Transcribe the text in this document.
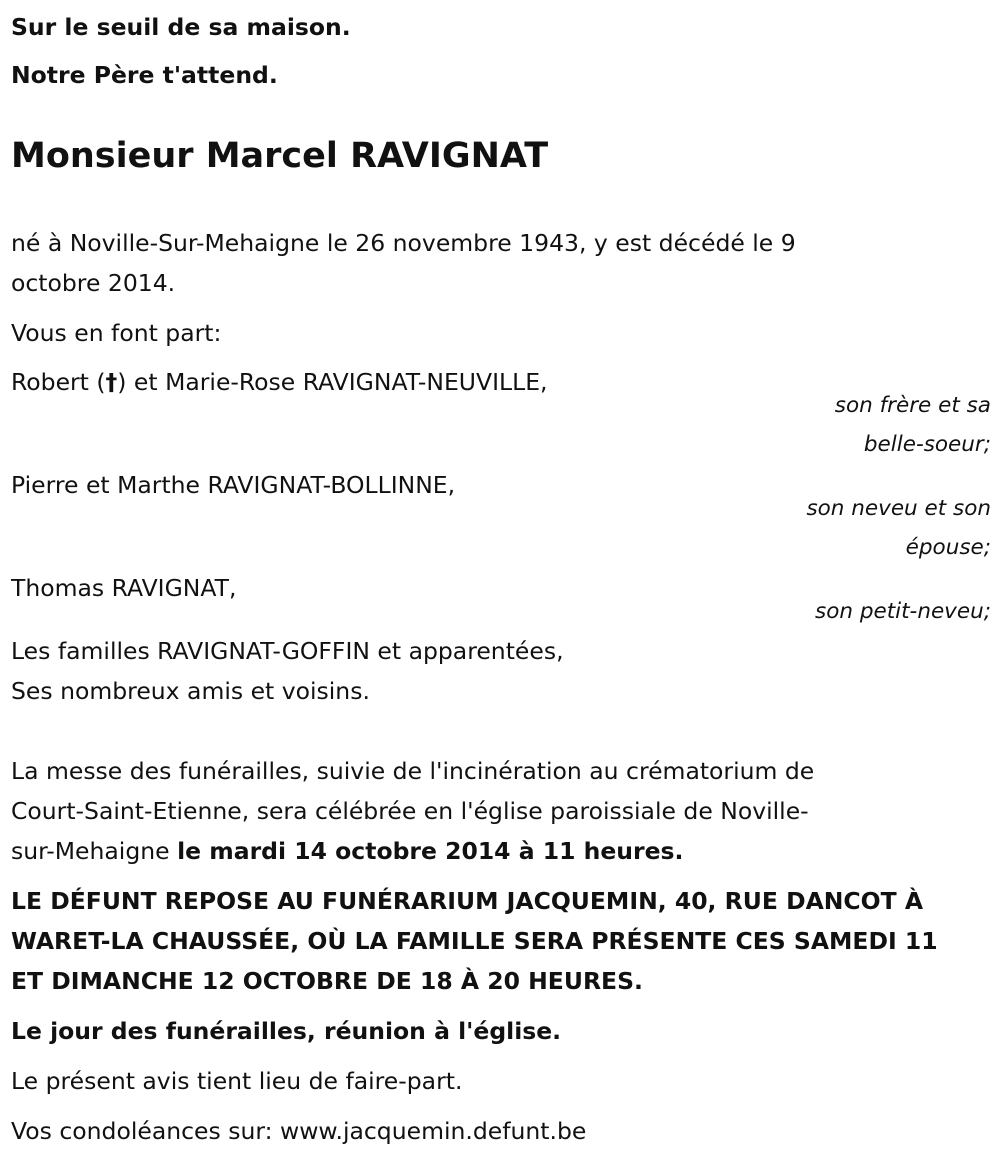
Sur le seuil de sa maison.
Notre Père t'attend.
Monsieur Marcel RAVIGNAT
né à Noville-Sur-Mehaigne le 26 novembre 1943, y est décédé le 9
octobre 2014.
Vous en font part:
Robert (†) et Marie-Rose RAVIGNAT-NEUVILLE,
son frère et sa
belle-soeur;
Pierre et Marthe RAVIGNAT-BOLLINNE,
son neveu et son
épouse;
Thomas RAVIGNAT,
son petit-neveu;
Les familles RAVIGNAT-GOFFIN et apparentées,
Ses nombreux amis et voisins.
La messe des funérailles, suivie de l'incinération au crématorium de
Court-Saint-Etienne, sera célébrée en l'église paroissiale de Noville-
sur-Mehaigne le mardi 14 octobre 2014 à 11 heures.
LE DÉFUNT REPOSE AU FUNÉRARIUM JACQUEMIN, 40, RUE DANCOT À
WARET-LA CHAUSSÉE, OÙ LA FAMILLE SERA PRÉSENTE CES SAMEDI 11
ET DIMANCHE 12 OCTOBRE DE 18 À 20 HEURES.
Le jour des funérailles, réunion à l'église.
Le présent avis tient lieu de faire-part.
Vos condoléances sur: www.jacquemin.defunt.be
